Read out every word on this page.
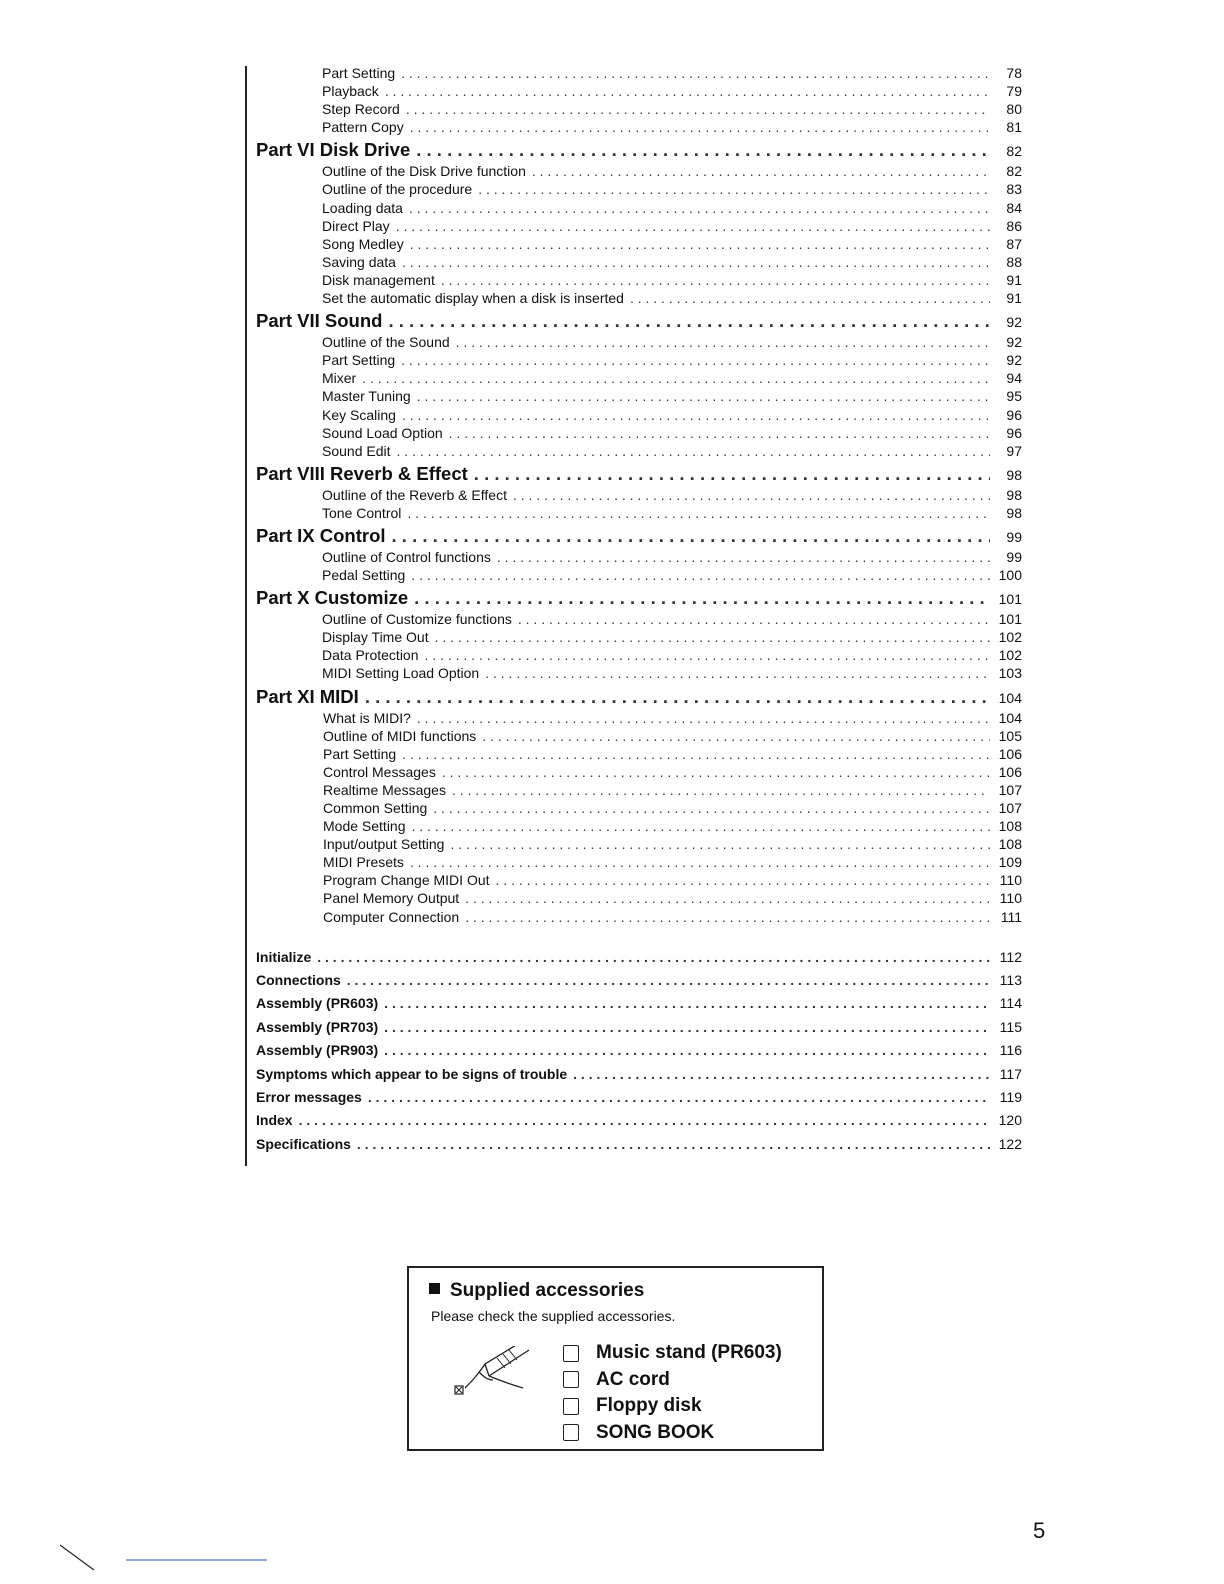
Part Setting . . .	78
Playback . . .	79
Step Record . . .	80
Pattern Copy . . .	81
Part VI Disk Drive . . .	82
Outline of the Disk Drive function . . .	82
Outline of the procedure . . .	83
Loading data . . .	84
Direct Play . . .	86
Song Medley . . .	87
Saving data . . .	88
Disk management . . .	91
Set the automatic display when a disk is inserted . . .	91
Part VII Sound . . .	92
Outline of the Sound . . .	92
Part Setting . . .	92
Mixer . . .	94
Master Tuning . . .	95
Key Scaling . . .	96
Sound Load Option . . .	96
Sound Edit . . .	97
Part VIII Reverb & Effect . . .	98
Outline of the Reverb & Effect . . .	98
Tone Control . . .	98
Part IX Control . . .	99
Outline of Control functions . . .	99
Pedal Setting . . .	100
Part X Customize . . .	101
Outline of Customize functions . . .	101
Display Time Out . . .	102
Data Protection . . .	102
MIDI Setting Load Option . . .	103
Part XI MIDI . . .	104
What is MIDI? . . .	104
Outline of MIDI functions . . .	105
Part Setting . . .	106
Control Messages . . .	106
Realtime Messages . . .	107
Common Setting . . .	107
Mode Setting . . .	108
Input/output Setting . . .	108
MIDI Presets . . .	109
Program Change MIDI Out . . .	110
Panel Memory Output . . .	110
Computer Connection . . .	111
Initialize . . .	112
Connections . . .	113
Assembly (PR603) . . .	114
Assembly (PR703) . . .	115
Assembly (PR903) . . .	116
Symptoms which appear to be signs of trouble . . .	117
Error messages . . .	119
Index . . .	120
Specifications . . .	122
Supplied accessories
Please check the supplied accessories.
Music stand (PR603)
AC cord
Floppy disk
SONG BOOK
5
